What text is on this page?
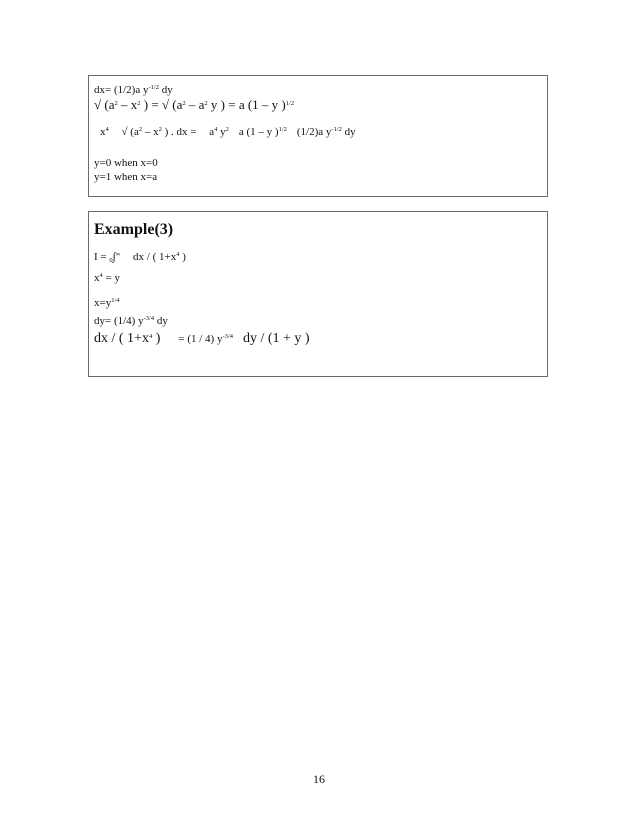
dx= (1/2)a $y^{-1/2}$ dy
√ ($a^2 - x^2$ ) = √ ($a^2 - a^2$ y ) = a (1 – y )$^{1/2}$
$x^4$ √ ($a^2 - x^2$ ) . dx = $a^4$ $y^2$ a (1 – y )$^{1/2}$ (1/2)a $y^{-1/2}$ dy
y=0 when x=0
y=1 when x=a
Example(3)
I = $_0$∫∞ dx / ( $1+x^4$ )
$x^4 = y$
$x=y^{1/4}$
dy= (1/4) $y^{-3/4}$ dy
dx / ( $1+x^4$ ) = (1 / 4) $y^{-3/4}$ dy / (1 + y )
16
